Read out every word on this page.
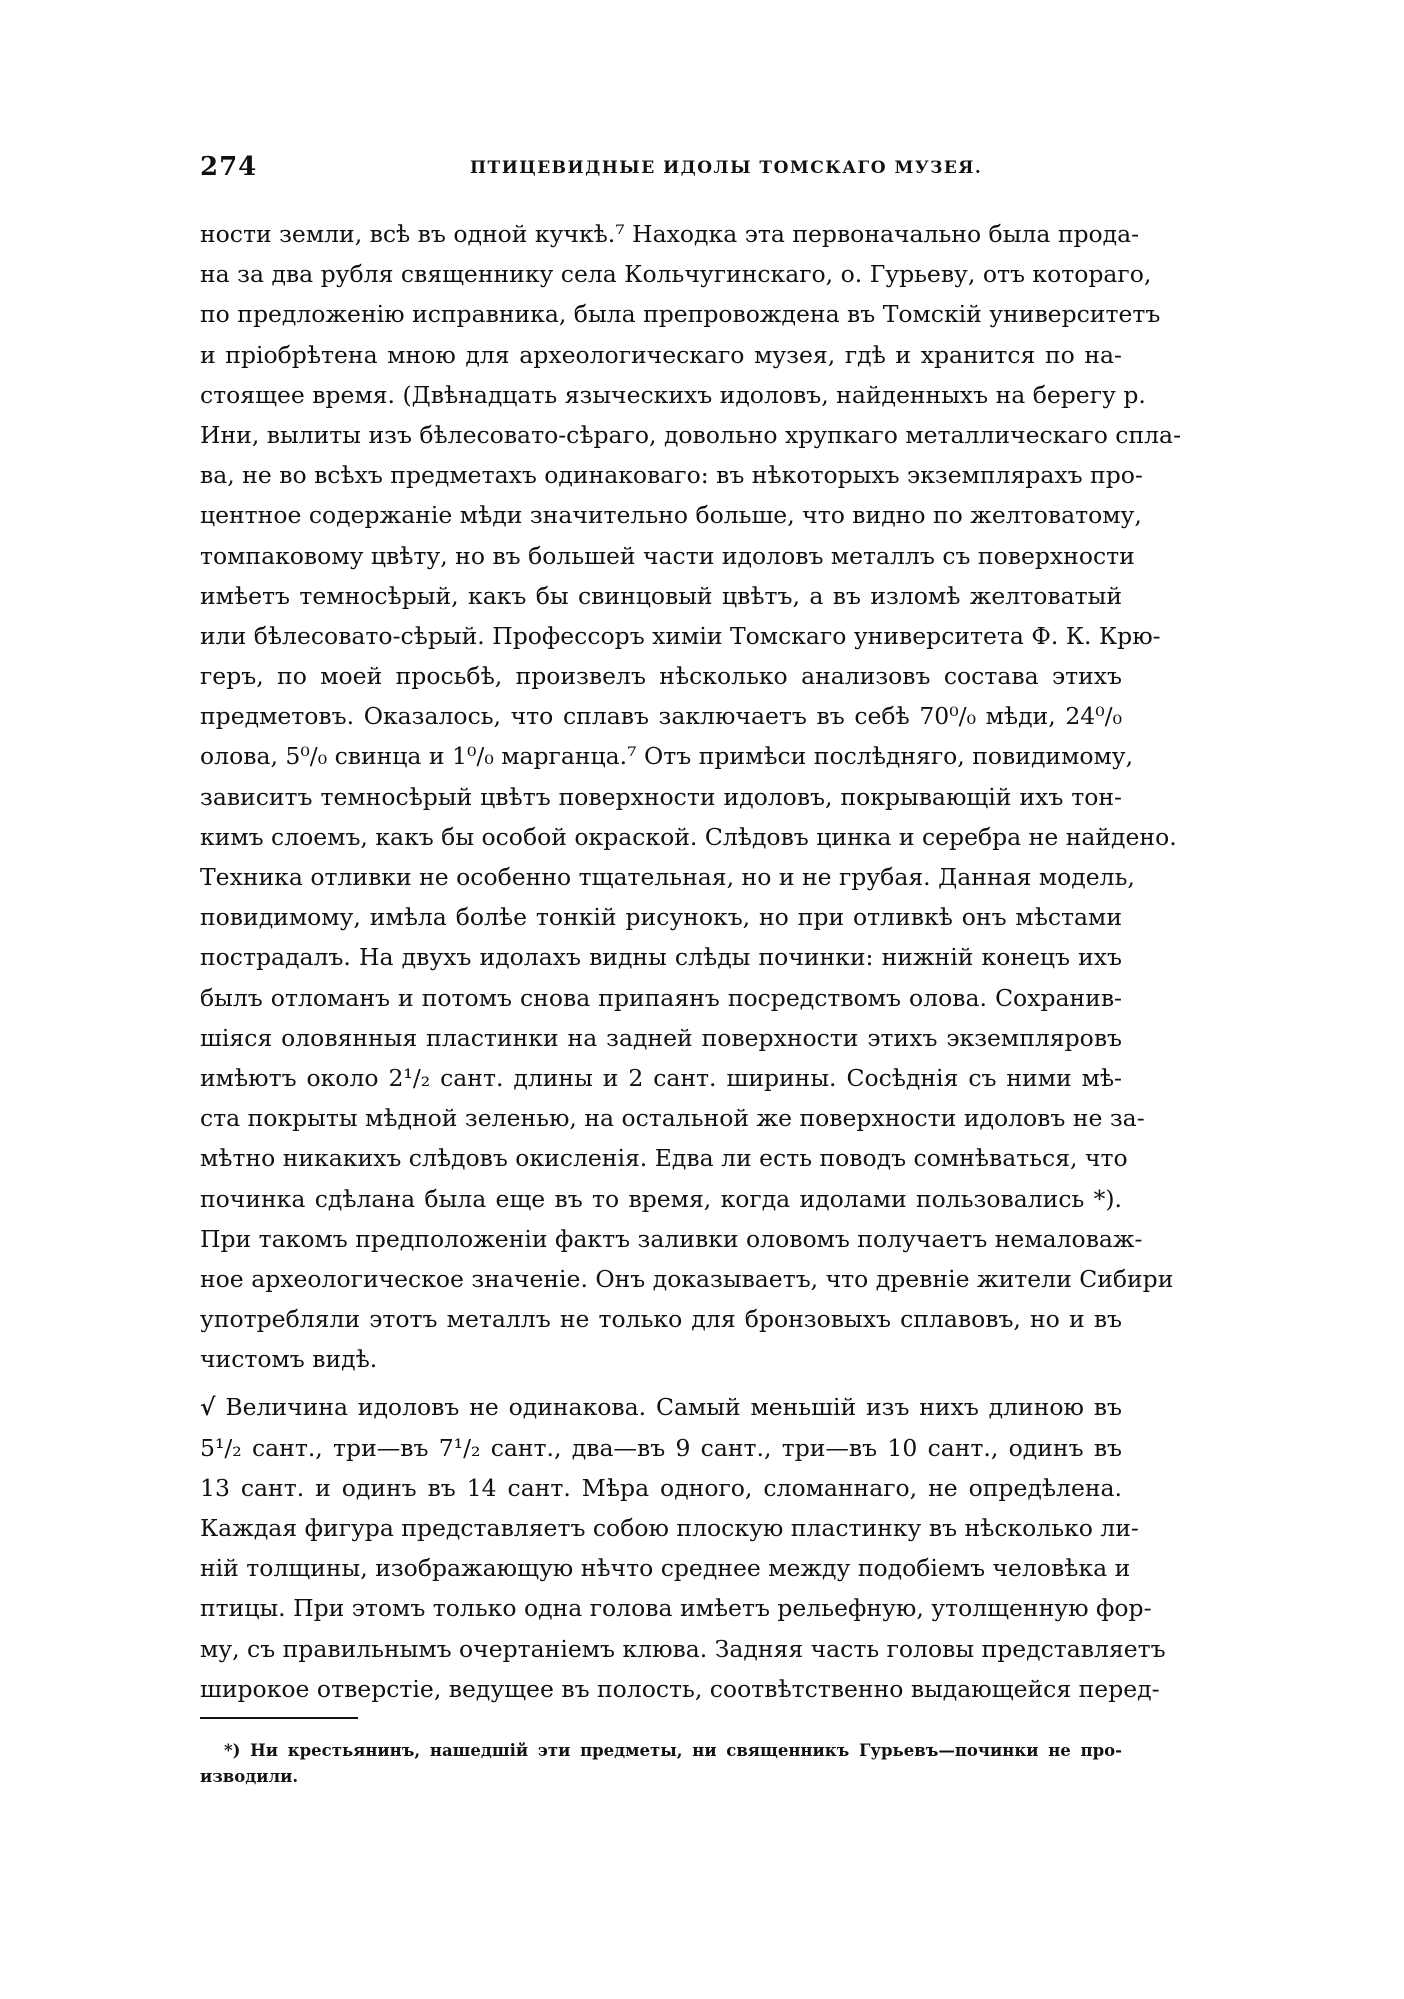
274	ПТИЦЕВИДНЫЕ ИДОЛЫ ТОМСКАГО МУЗЕЯ.
ности земли, всѣ въ одной кучкѣ.⁷ Находка эта первоначально была прода-
на за два рубля священнику села Кольчугинскаго, о. Гурьеву, отъ котораго,
по предложенію исправника, была препровождена въ Томскій университетъ
и пріобрѣтена мною для археологическаго музея, гдѣ и хранится по на-
стоящее время. (Двѣнадцать языческихъ идоловъ, найденныхъ на берегу р.
Ини, вылиты изъ бѣлесовато-сѣраго, довольно хрупкаго металлическаго спла-
ва, не во всѣхъ предметахъ одинаковаго: въ нѣкоторыхъ экземплярахъ про-
центное содержаніе мѣди значительно больше, что видно по желтоватому,
томпаковому цвѣту, но въ большей части идоловъ металлъ съ поверхности
имѣетъ темносѣрый, какъ бы свинцовый цвѣтъ, а въ изломѣ желтоватый
или бѣлесовато-сѣрый. Профессоръ химіи Томскаго университета Ф. К. Крю-
геръ, по моей просьбѣ, произвелъ нѣсколько анализовъ состава этихъ
предметовъ. Оказалось, что сплавъ заключаетъ въ себѣ 70⁰/₀ мѣди, 24⁰/₀
олова, 5⁰/₀ свинца и 1⁰/₀ марганца.⁷ Отъ примѣси послѣдняго, повидимому,
зависитъ темносѣрый цвѣтъ поверхности идоловъ, покрывающій ихъ тон-
кимъ слоемъ, какъ бы особой окраской. Слѣдовъ цинка и серебра не найдено.
Техника отливки не особенно тщательная, но и не грубая. Данная модель,
повидимому, имѣла болѣе тонкій рисунокъ, но при отливкѣ онъ мѣстами
пострадалъ. На двухъ идолахъ видны слѣды починки: нижній конецъ ихъ
былъ отломанъ и потомъ снова припаянъ посредствомъ олова. Сохранив-
шіяся оловянныя пластинки на задней поверхности этихъ экземпляровъ
имѣютъ около 2¹/₂ сант. длины и 2 сант. ширины. Сосѣднія съ ними мѣ-
ста покрыты мѣдной зеленью, на остальной же поверхности идоловъ не за-
мѣтно никакихъ слѣдовъ окисленія. Едва ли есть поводъ сомнѣваться, что
починка сдѣлана была еще въ то время, когда идолами пользовались *).
При такомъ предположеніи фактъ заливки оловомъ получаетъ немаловаж-
ное археологическое значеніе. Онъ доказываетъ, что древніе жители Сибири
употребляли этотъ металлъ не только для бронзовыхъ сплавовъ, но и въ
чистомъ видѣ.
√ Величина идоловъ не одинакова. Самый меньшій изъ нихъ длиною въ
5¹/₂ сант., три—въ 7¹/₂ сант., два—въ 9 сант., три—въ 10 сант., одинъ въ
13 сант. и одинъ въ 14 сант. Мѣра одного, сломаннаго, не опредѣлена.
Каждая фигура представляетъ собою плоскую пластинку въ нѣсколько ли-
ній толщины, изображающую нѣчто среднее между подобіемъ человѣка и
птицы. При этомъ только одна голова имѣетъ рельефную, утолщенную фор-
му, съ правильнымъ очертаніемъ клюва. Задняя часть головы представляетъ
широкое отверстіе, ведущее въ полость, соотвѣтственно выдающейся перед-
*) Ни крестьянинъ, нашедшій эти предметы, ни священникъ Гурьевъ—починки не про-
изводили.
